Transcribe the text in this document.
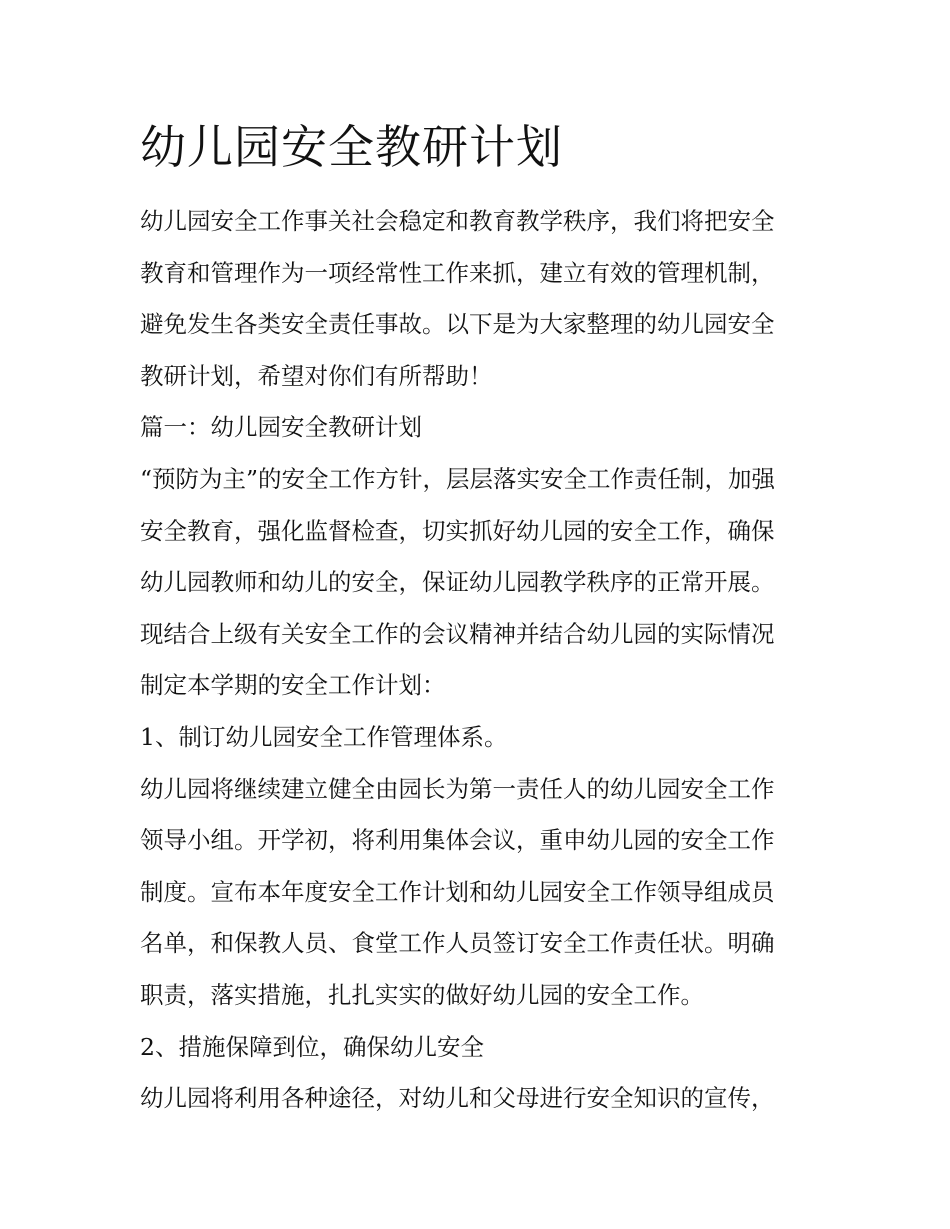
幼儿园安全教研计划
幼儿园安全工作事关社会稳定和教育教学秩序，我们将把安全
教育和管理作为一项经常性工作来抓，建立有效的管理机制，
避免发生各类安全责任事故。以下是为大家整理的幼儿园安全
教研计划，希望对你们有所帮助！
篇一：幼儿园安全教研计划
“预防为主”的安全工作方针，层层落实安全工作责任制，加强
安全教育，强化监督检查，切实抓好幼儿园的安全工作，确保
幼儿园教师和幼儿的安全，保证幼儿园教学秩序的正常开展。
现结合上级有关安全工作的会议精神并结合幼儿园的实际情况
制定本学期的安全工作计划：
1、制订幼儿园安全工作管理体系。
幼儿园将继续建立健全由园长为第一责任人的幼儿园安全工作
领导小组。开学初，将利用集体会议，重申幼儿园的安全工作
制度。宣布本年度安全工作计划和幼儿园安全工作领导组成员
名单，和保教人员、食堂工作人员签订安全工作责任状。明确
职责，落实措施，扎扎实实的做好幼儿园的安全工作。
2、措施保障到位，确保幼儿安全
幼儿园将利用各种途径，对幼儿和父母进行安全知识的宣传，
